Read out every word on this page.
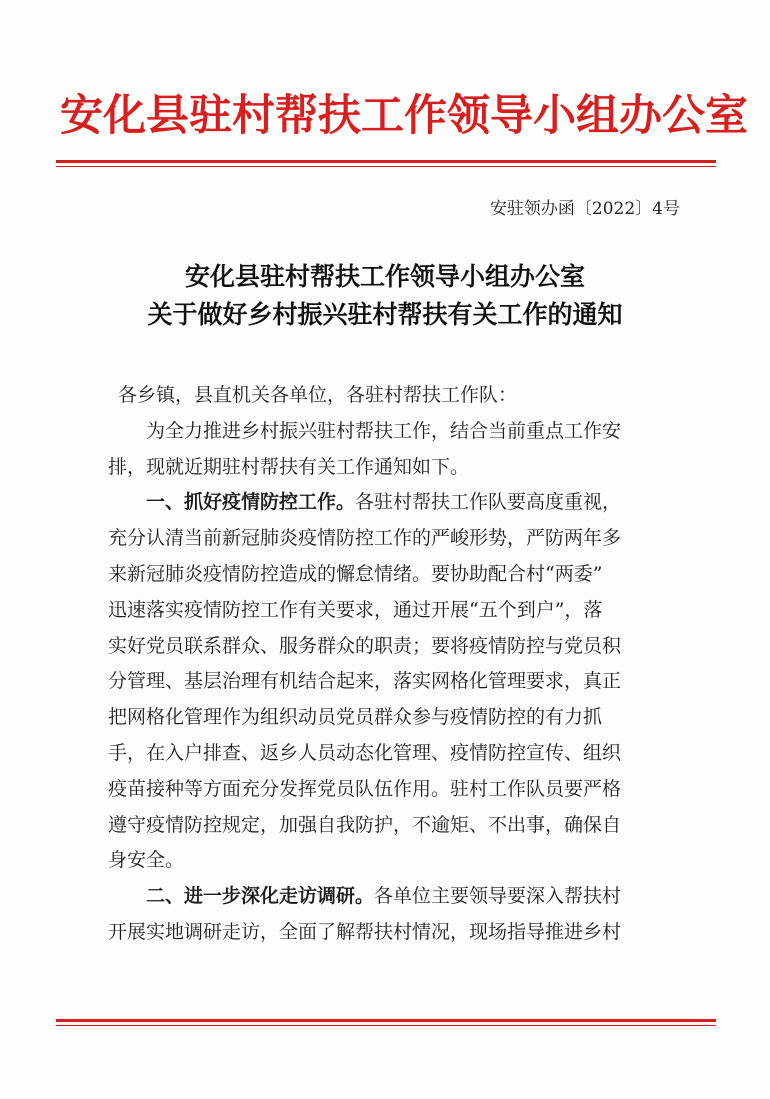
安化县驻村帮扶工作领导小组办公室
安驻领办函〔2022〕4号
安化县驻村帮扶工作领导小组办公室
关于做好乡村振兴驻村帮扶有关工作的通知
各乡镇，县直机关各单位，各驻村帮扶工作队：
为全力推进乡村振兴驻村帮扶工作，结合当前重点工作安
排，现就近期驻村帮扶有关工作通知如下。
一、抓好疫情防控工作。各驻村帮扶工作队要高度重视，
充分认清当前新冠肺炎疫情防控工作的严峻形势，严防两年多
来新冠肺炎疫情防控造成的懈怠情绪。要协助配合村“两委”
迅速落实疫情防控工作有关要求，通过开展“五个到户”，落
实好党员联系群众、服务群众的职责；要将疫情防控与党员积
分管理、基层治理有机结合起来，落实网格化管理要求，真正
把网格化管理作为组织动员党员群众参与疫情防控的有力抓
手，在入户排查、返乡人员动态化管理、疫情防控宣传、组织
疫苗接种等方面充分发挥党员队伍作用。驻村工作队员要严格
遵守疫情防控规定，加强自我防护，不逾矩、不出事，确保自
身安全。
二、进一步深化走访调研。各单位主要领导要深入帮扶村
开展实地调研走访，全面了解帮扶村情况，现场指导推进乡村
